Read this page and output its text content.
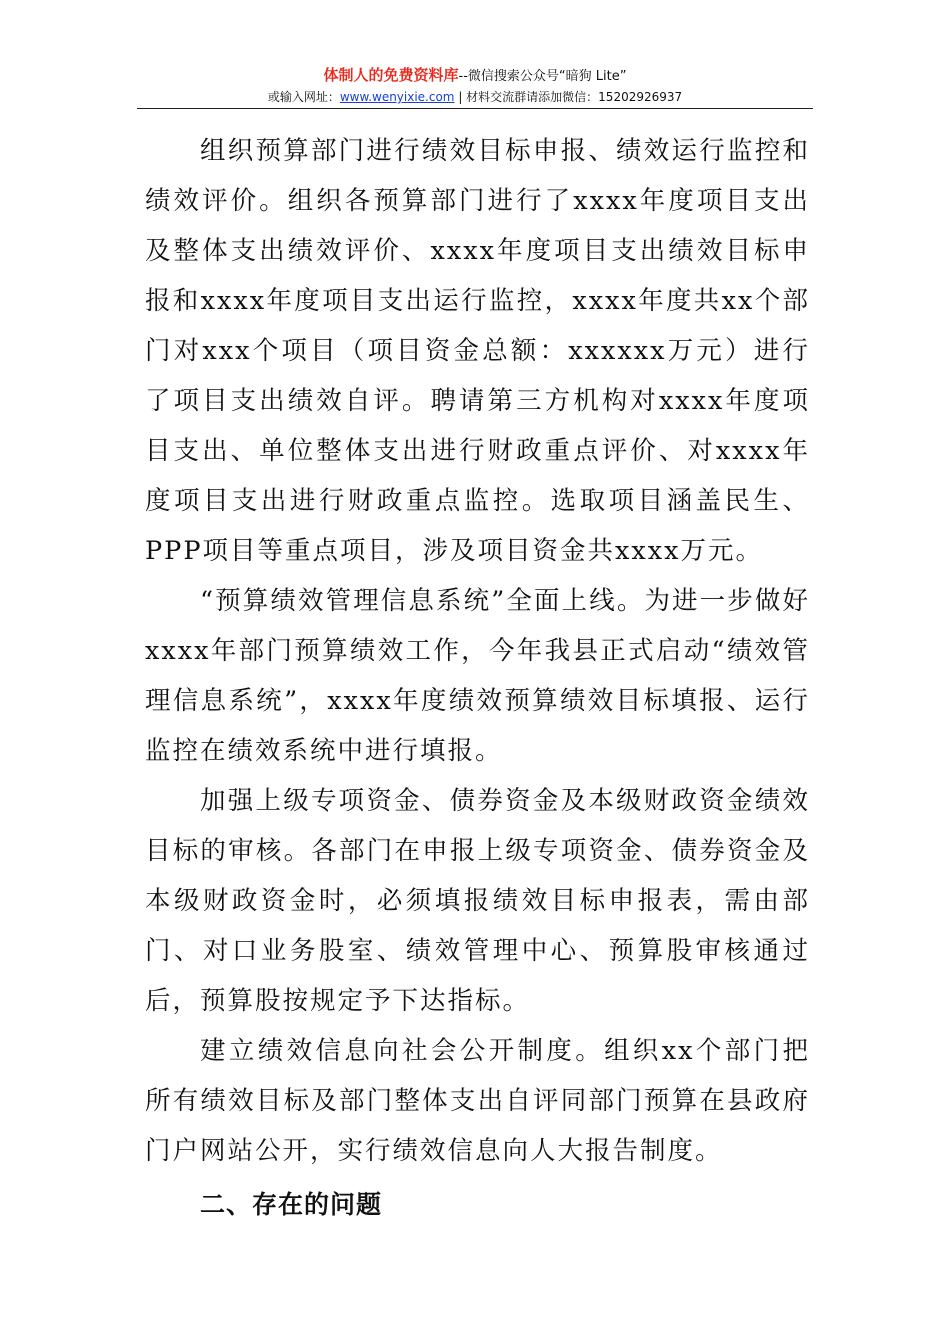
体制人的免费资料库--微信搜索公众号“暗狗 Lite”
或输入网址：www.wenyixie.com | 材料交流群请添加微信：15202926937

组织预算部门进行绩效目标申报、绩效运行监控和绩效评价。组织各预算部门进行了xxxx年度项目支出及整体支出绩效评价、xxxx年度项目支出绩效目标申报和xxxx年度项目支出运行监控，xxxx年度共xx个部门对xxx个项目（项目资金总额：xxxxxx万元）进行了项目支出绩效自评。聘请第三方机构对xxxx年度项目支出、单位整体支出进行财政重点评价、对xxxx年度项目支出进行财政重点监控。选取项目涵盖民生、PPP项目等重点项目，涉及项目资金共xxxx万元。

“预算绩效管理信息系统”全面上线。为进一步做好xxxx年部门预算绩效工作，今年我县正式启动“绩效管理信息系统”，xxxx年度绩效预算绩效目标填报、运行监控在绩效系统中进行填报。

加强上级专项资金、债券资金及本级财政资金绩效目标的审核。各部门在申报上级专项资金、债券资金及本级财政资金时，必须填报绩效目标申报表，需由部门、对口业务股室、绩效管理中心、预算股审核通过后，预算股按规定予下达指标。

建立绩效信息向社会公开制度。组织xx个部门把所有绩效目标及部门整体支出自评同部门预算在县政府门户网站公开，实行绩效信息向人大报告制度。

二、存在的问题
